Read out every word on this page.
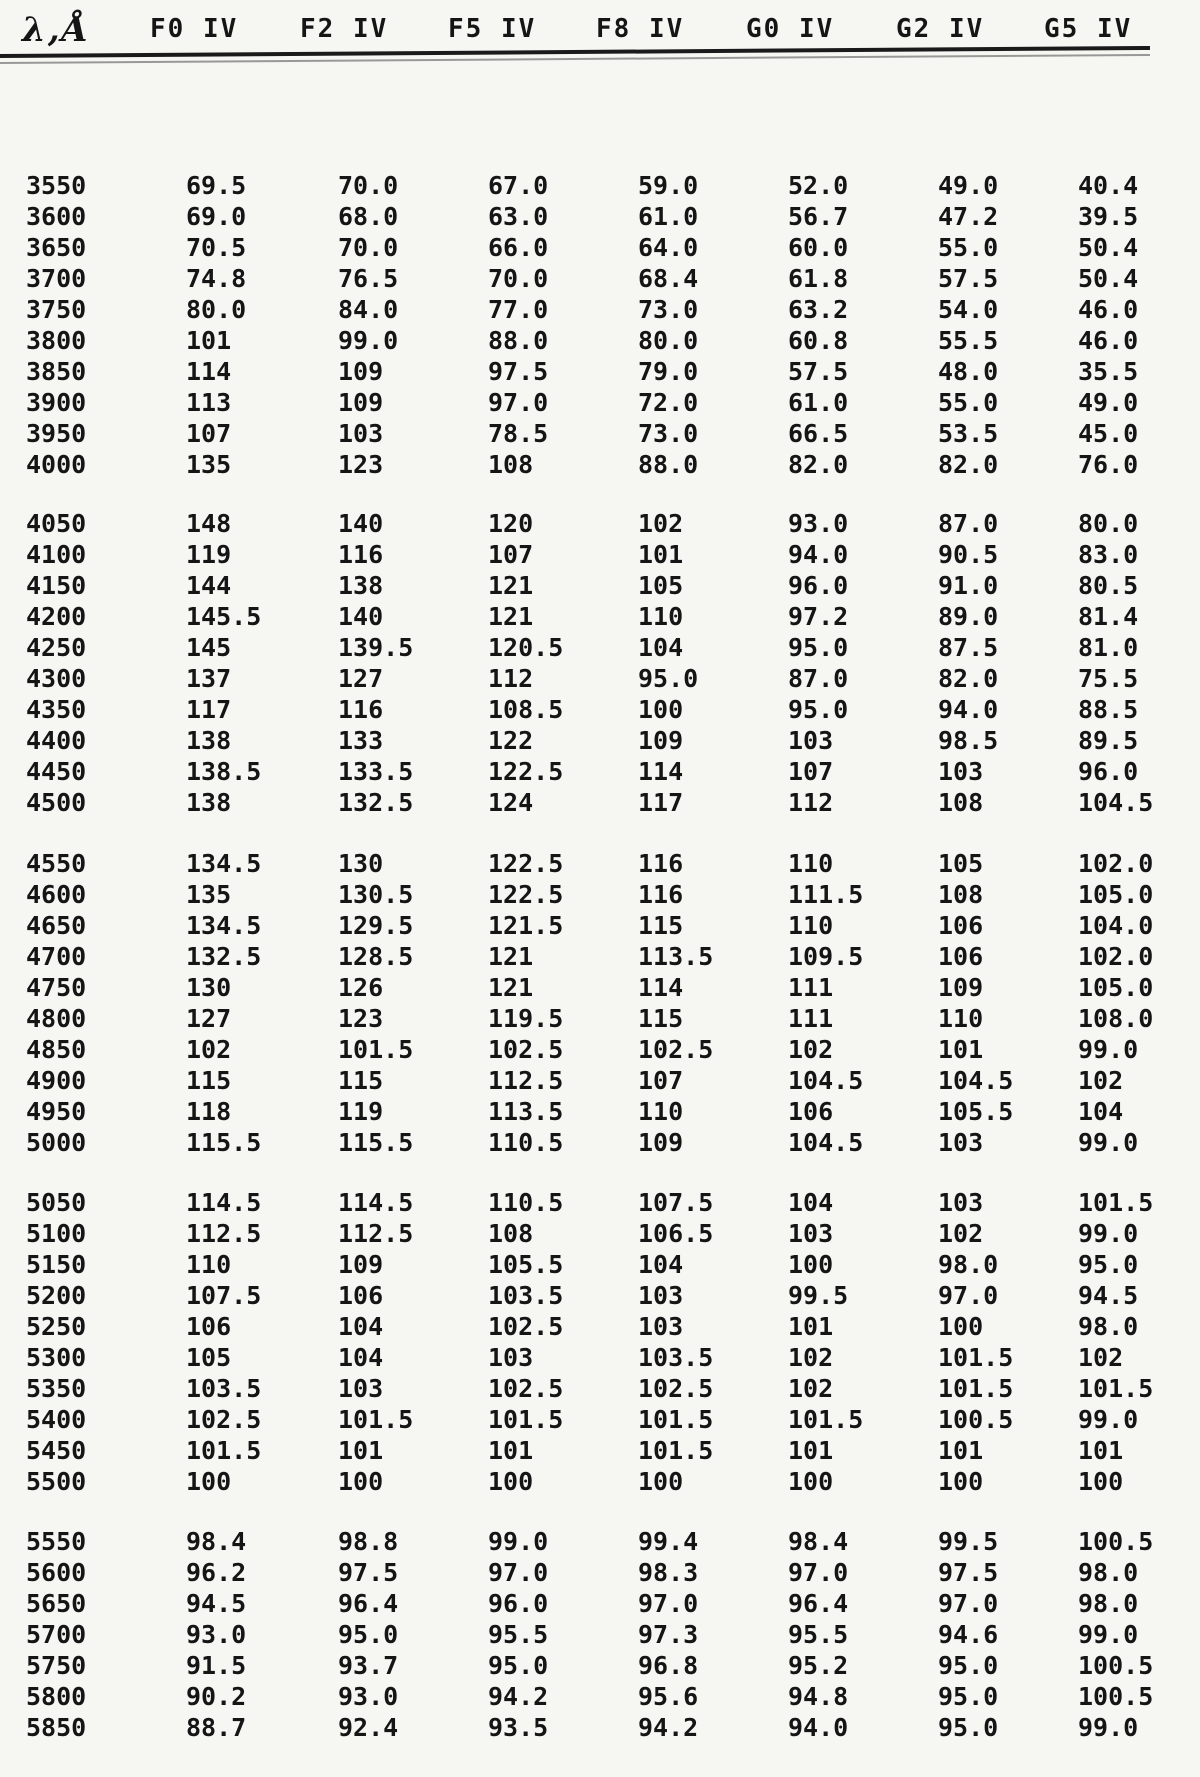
λ,Å F0 IV F2 IV F5 IV F8 IV G0 IV G2 IV G5 IV
3550	69.5	70.0	67.0	59.0	52.0	49.0	40.4
3600	69.0	68.0	63.0	61.0	56.7	47.2	39.5
3650	70.5	70.0	66.0	64.0	60.0	55.0	50.4
3700	74.8	76.5	70.0	68.4	61.8	57.5	50.4
3750	80.0	84.0	77.0	73.0	63.2	54.0	46.0
3800	101	99.0	88.0	80.0	60.8	55.5	46.0
3850	114	109	97.5	79.0	57.5	48.0	35.5
3900	113	109	97.0	72.0	61.0	55.0	49.0
3950	107	103	78.5	73.0	66.5	53.5	45.0
4000	135	123	108	88.0	82.0	82.0	76.0
4050	148	140	120	102	93.0	87.0	80.0
4100	119	116	107	101	94.0	90.5	83.0
4150	144	138	121	105	96.0	91.0	80.5
4200	145.5	140	121	110	97.2	89.0	81.4
4250	145	139.5	120.5	104	95.0	87.5	81.0
4300	137	127	112	95.0	87.0	82.0	75.5
4350	117	116	108.5	100	95.0	94.0	88.5
4400	138	133	122	109	103	98.5	89.5
4450	138.5	133.5	122.5	114	107	103	96.0
4500	138	132.5	124	117	112	108	104.5
4550	134.5	130	122.5	116	110	105	102.0
4600	135	130.5	122.5	116	111.5	108	105.0
4650	134.5	129.5	121.5	115	110	106	104.0
4700	132.5	128.5	121	113.5	109.5	106	102.0
4750	130	126	121	114	111	109	105.0
4800	127	123	119.5	115	111	110	108.0
4850	102	101.5	102.5	102.5	102	101	99.0
4900	115	115	112.5	107	104.5	104.5	102
4950	118	119	113.5	110	106	105.5	104
5000	115.5	115.5	110.5	109	104.5	103	99.0
5050	114.5	114.5	110.5	107.5	104	103	101.5
5100	112.5	112.5	108	106.5	103	102	99.0
5150	110	109	105.5	104	100	98.0	95.0
5200	107.5	106	103.5	103	99.5	97.0	94.5
5250	106	104	102.5	103	101	100	98.0
5300	105	104	103	103.5	102	101.5	102
5350	103.5	103	102.5	102.5	102	101.5	101.5
5400	102.5	101.5	101.5	101.5	101.5	100.5	99.0
5450	101.5	101	101	101.5	101	101	101
5500	100	100	100	100	100	100	100
5550	98.4	98.8	99.0	99.4	98.4	99.5	100.5
5600	96.2	97.5	97.0	98.3	97.0	97.5	98.0
5650	94.5	96.4	96.0	97.0	96.4	97.0	98.0
5700	93.0	95.0	95.5	97.3	95.5	94.6	99.0
5750	91.5	93.7	95.0	96.8	95.2	95.0	100.5
5800	90.2	93.0	94.2	95.6	94.8	95.0	100.5
5850	88.7	92.4	93.5	94.2	94.0	95.0	99.0
